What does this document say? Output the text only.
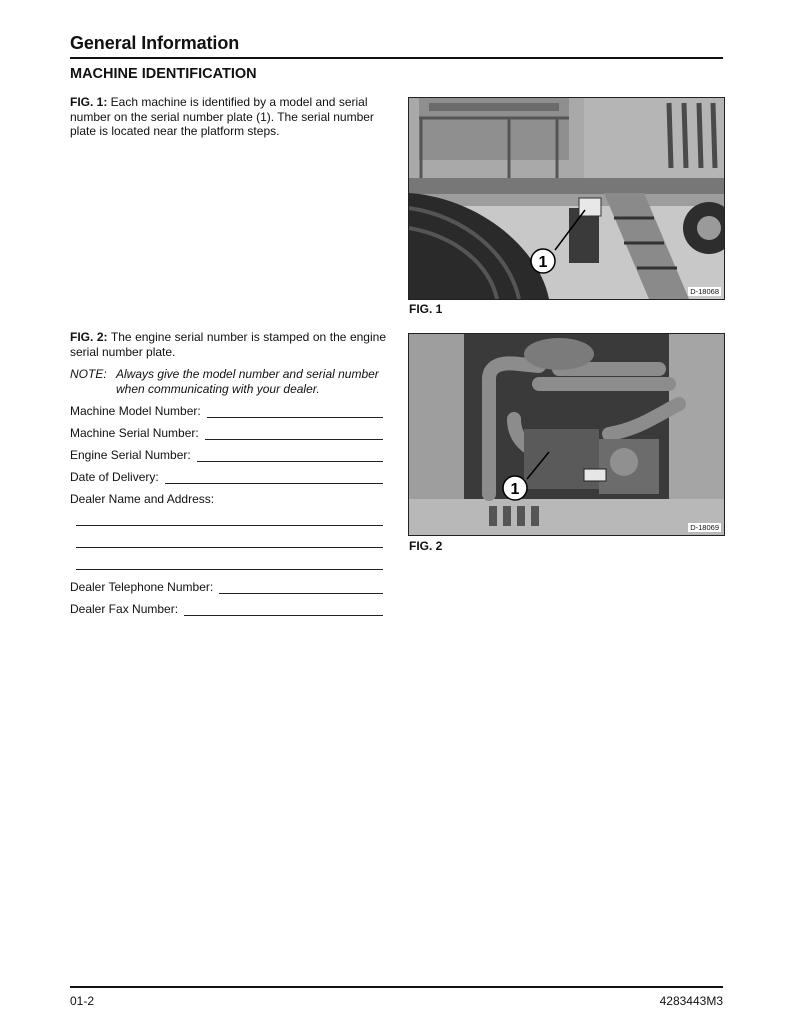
General Information
MACHINE IDENTIFICATION
FIG. 1: Each machine is identified by a model and serial number on the serial number plate (1). The serial number plate is located near the platform steps.
FIG. 2: The engine serial number is stamped on the engine serial number plate.
NOTE: Always give the model number and serial number
when communicating with your dealer.
Machine Model Number:
Machine Serial Number:
Engine Serial Number:
Date of Delivery:
Dealer Name and Address:
Dealer Telephone Number:
Dealer Fax Number:
1
D-18068
FIG. 1
1
D-18069
FIG. 2
01-2	4283443M3
